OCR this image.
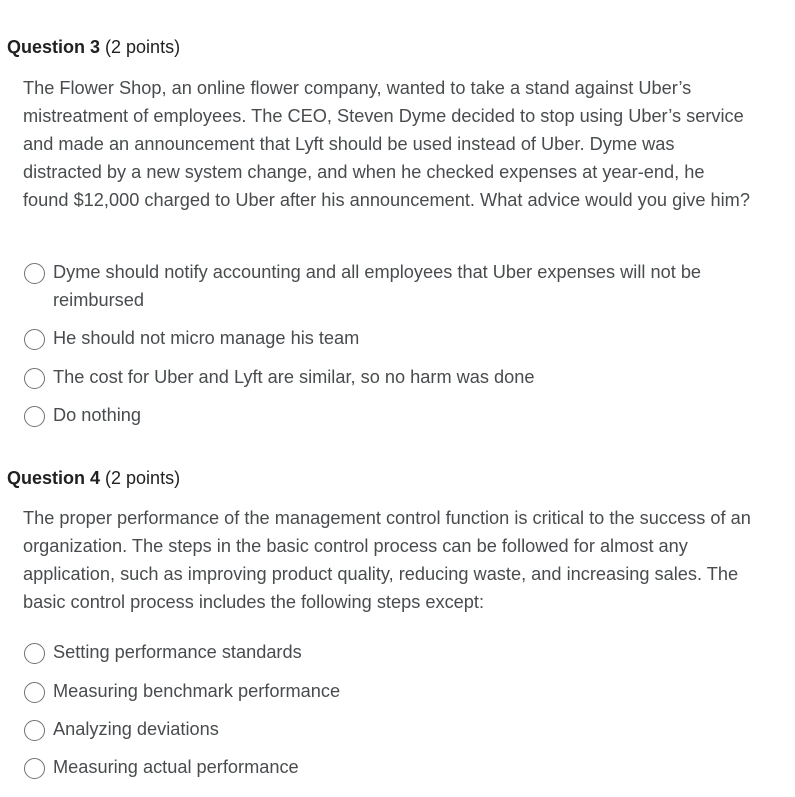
Question 3 (2 points)
The Flower Shop, an online flower company, wanted to take a stand against Uber’s mistreatment of employees. The CEO, Steven Dyme decided to stop using Uber’s service and made an announcement that Lyft should be used instead of Uber. Dyme was distracted by a new system change, and when he checked expenses at year-end, he found $12,000 charged to Uber after his announcement. What advice would you give him?
Dyme should notify accounting and all employees that Uber expenses will not be reimbursed
He should not micro manage his team
The cost for Uber and Lyft are similar, so no harm was done
Do nothing
Question 4 (2 points)
The proper performance of the management control function is critical to the success of an organization. The steps in the basic control process can be followed for almost any application, such as improving product quality, reducing waste, and increasing sales. The basic control process includes the following steps except:
Setting performance standards
Measuring benchmark performance
Analyzing deviations
Measuring actual performance
